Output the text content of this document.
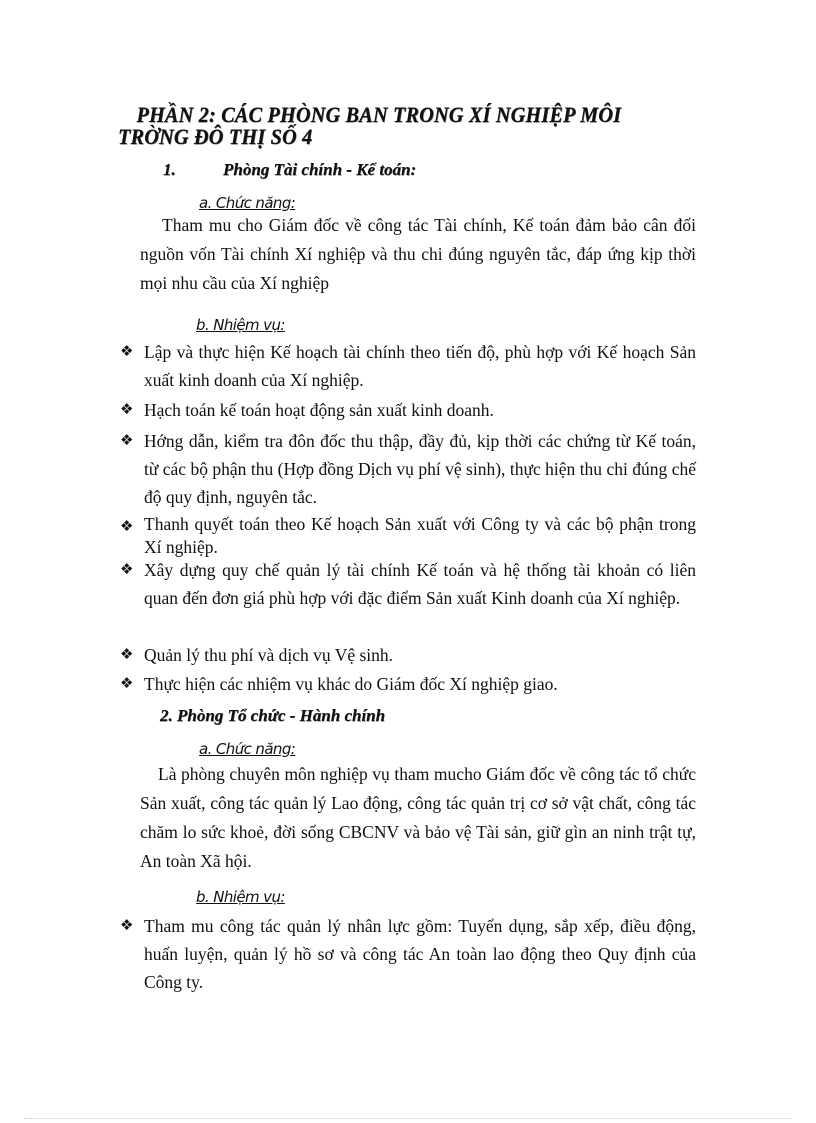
PHẦN 2: CÁC PHÒNG BAN TRONG XÍ NGHIỆP MÔI
TRỜNG ĐÔ THỊ SỐ 4
1.	Phòng Tài chính - Kế toán:
a. Chức năng:
Tham mu cho Giám đốc về công tác Tài chính, Kế toán đảm bảo cân đối nguồn vốn Tài chính Xí nghiệp và thu chi đúng nguyên tắc, đáp ứng kịp thời mọi nhu cầu của Xí nghiệp
b. Nhiệm vụ:
❖ Lập và thực hiện Kế hoạch tài chính theo tiến độ, phù hợp với Kế hoạch Sản xuất kinh doanh của Xí nghiệp.
❖ Hạch toán kế toán hoạt động sản xuất kinh doanh.
❖ Hớng dẫn, kiểm tra đôn đốc thu thập, đầy đủ, kịp thời các chứng từ Kế toán, từ các bộ phận thu (Hợp đồng Dịch vụ phí vệ sinh), thực hiện thu chi đúng chế độ quy định, nguyên tắc.
❖ Thanh quyết toán theo Kế hoạch Sản xuất với Công ty và các bộ phận trong Xí nghiệp.
❖ Xây dựng quy chế quản lý tài chính Kế toán và hệ thống tài khoản có liên quan đến đơn giá phù hợp với đặc điểm Sản xuất Kinh doanh của Xí nghiệp.
❖ Quản lý thu phí và dịch vụ Vệ sinh.
❖ Thực hiện các nhiệm vụ khác do Giám đốc Xí nghiệp giao.
2. Phòng Tổ chức - Hành chính
a. Chức năng:
Là phòng chuyên môn nghiệp vụ tham mucho Giám đốc về công tác tổ chức Sản xuất, công tác quản lý Lao động, công tác quản trị cơ sở vật chất, công tác chăm lo sức khoẻ, đời sống CBCNV và bảo vệ Tài sản, giữ gìn an ninh trật tự, An toàn Xã hội.
b. Nhiệm vụ:
❖ Tham mu công tác quản lý nhân lực gồm: Tuyển dụng, sắp xếp, điều động, huấn luyện, quản lý hồ sơ và công tác An toàn lao động theo Quy định của Công ty.
